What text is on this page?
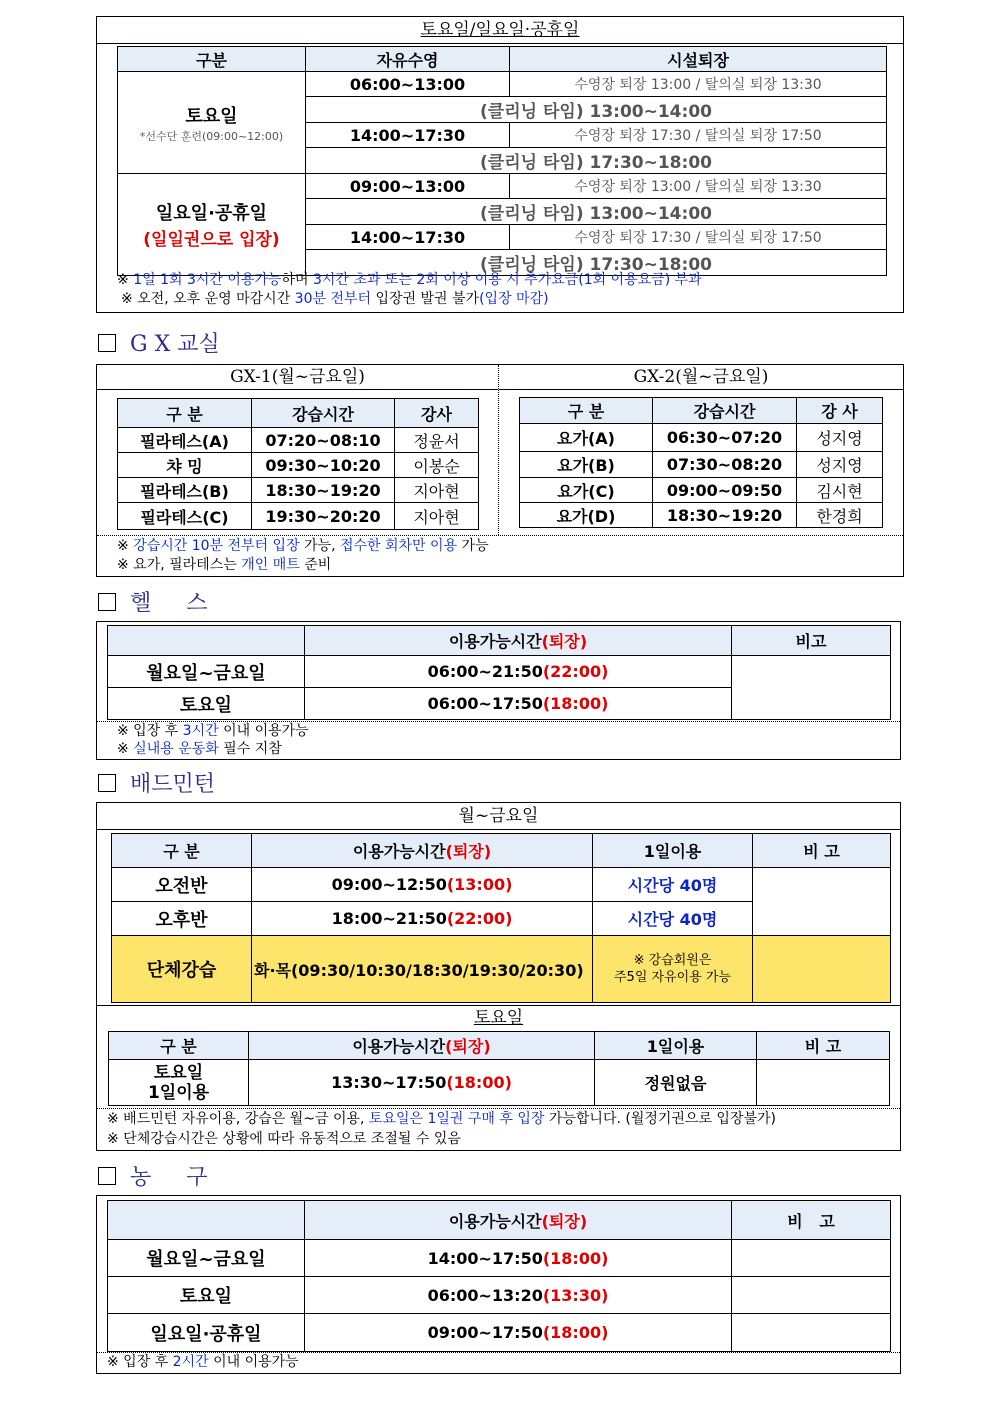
토요일/일요일·공휴일
구분	자유수영	시설퇴장

토요일
*선수단 훈련(09:00~12:00)	06:00~13:00	수영장 퇴장 13:00 / 탈의실 퇴장 13:30
	(클리닝 타임) 13:00~14:00	
	14:00~17:30	수영장 퇴장 17:30 / 탈의실 퇴장 17:50
	(클리닝 타임) 17:30~18:00	

일요일·공휴일
(일일권으로 입장)	09:00~13:00	수영장 퇴장 13:00 / 탈의실 퇴장 13:30
	(클리닝 타임) 13:00~14:00	
	14:00~17:30	수영장 퇴장 17:30 / 탈의실 퇴장 17:50
	(클리닝 타임) 17:30~18:00	
※ 1일 1회 3시간 이용가능하며 3시간 초과 또는 2회 이상 이용 시 추가요금(1회 이용요금) 부과
※ 오전, 오후 운영 마감시간 30분 전부터 입장권 발권 불가(입장 마감)
G X 교실
GX-1(월~금요일)
구 분	강습시간	강사
필라테스(A)	07:20~08:10	정윤서
챠 밍	09:30~10:20	이봉순
필라테스(B)	18:30~19:20	지아현
필라테스(C)	19:30~20:20	지아현
GX-2(월~금요일)
구 분	강습시간	강 사
요가(A)	06:30~07:20	성지영
요가(B)	07:30~08:20	성지영
요가(C)	09:00~09:50	김시현
요가(D)	18:30~19:20	한경희
※ 강습시간 10분 전부터 입장 가능, 접수한 회차만 이용 가능
※ 요가, 필라테스는 개인 매트 준비
헬     스
	이용가능시간(퇴장)	비고
월요일~금요일	06:00~21:50(22:00)	
토요일	06:00~17:50(18:00)	
※ 입장 후 3시간 이내 이용가능
※ 실내용 운동화 필수 지참
배드민턴
월~금요일
구 분	이용가능시간(퇴장)	1일이용	비 고
오전반	09:00~12:50(13:00)	시간당 40명	
오후반	18:00~21:50(22:00)	시간당 40명	
단체강습	화·목(09:30/10:30/18:30/19:30/20:30)	※ 강습회원은
주5일 자유이용 가능	

토요일
구 분	이용가능시간(퇴장)	1일이용	비 고

토요일
1일이용	13:30~17:50(18:00)	정원없음	
※ 배드민턴 자유이용, 강습은 월~금 이용, 토요일은 1일권 구매 후 입장 가능합니다. (월정기권으로 입장불가)
※ 단체강습시간은 상황에 따라 유동적으로 조절될 수 있음
농     구
	이용가능시간(퇴장)	비   고
월요일~금요일	14:00~17:50(18:00)	
토요일	06:00~13:20(13:30)	
일요일·공휴일	09:00~17:50(18:00)	
※ 입장 후 2시간 이내 이용가능
